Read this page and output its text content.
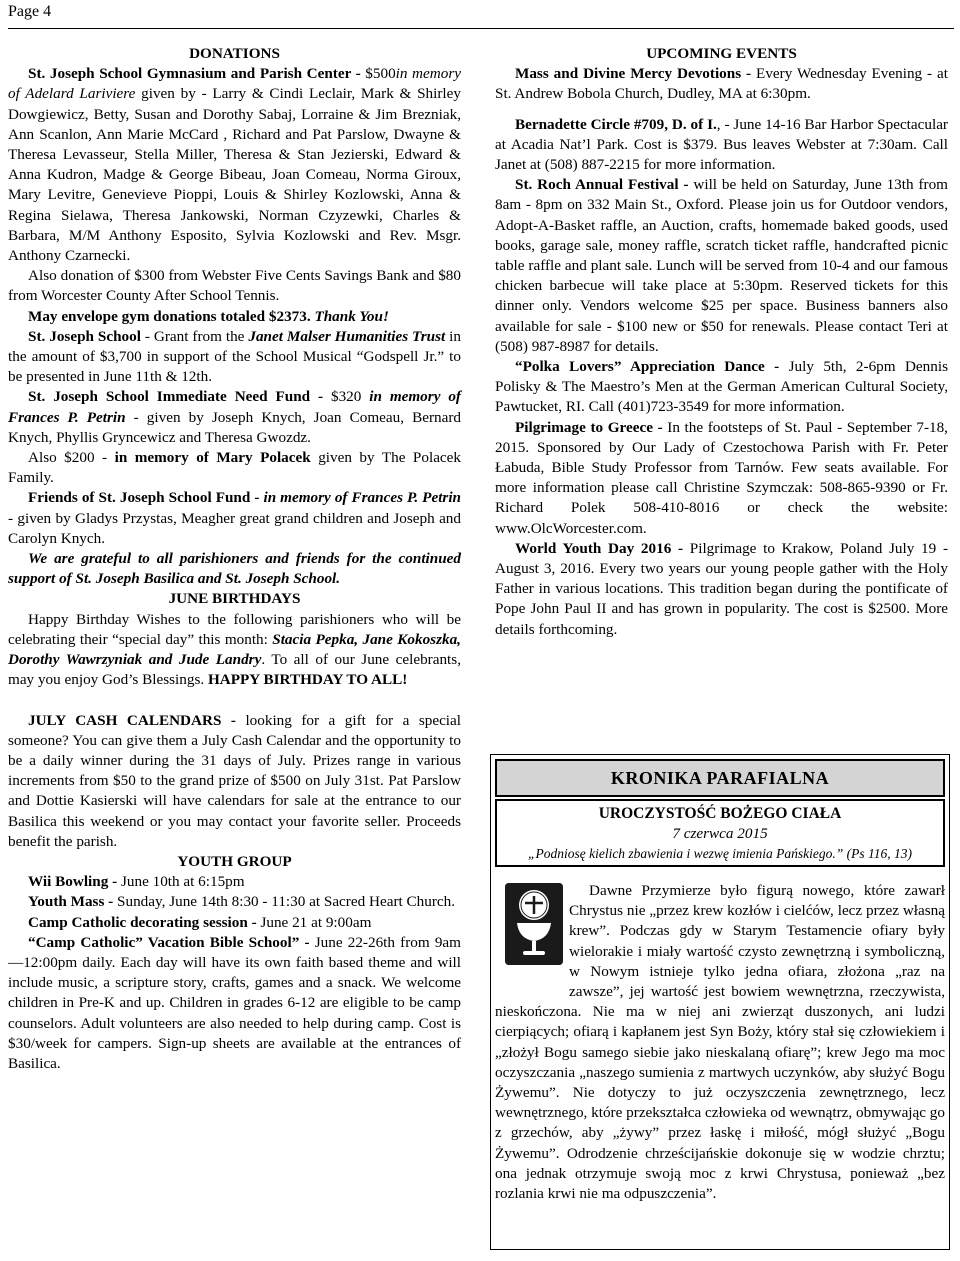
Page 4

DONATIONS

St. Joseph School Gymnasium and Parish Center - $500in memory of Adelard Lariviere given by - Larry & Cindi Leclair, Mark & Shirley Dowgiewicz, Betty, Susan and Dorothy Sabaj, Lorraine & Jim Brezniak, Ann Scanlon, Ann Marie McCard , Richard and Pat Parslow, Dwayne & Theresa Levasseur, Stella Miller, Theresa & Stan Jezierski, Edward & Anna Kudron, Madge & George Bibeau, Joan Comeau, Norma Giroux, Mary Levitre, Genevieve Pioppi, Louis & Shirley Kozlowski, Anna & Regina Sielawa, Theresa Jankowski, Norman Czyzewki, Charles & Barbara, M/M Anthony Esposito, Sylvia Kozlowski and Rev. Msgr. Anthony Czarnecki.

Also donation of $300 from Webster Five Cents Savings Bank and $80 from Worcester County After School Tennis.

May envelope gym donations totaled $2373. Thank You!

St. Joseph School - Grant from the Janet Malser Humanities Trust in the amount of $3,700 in support of the School Musical “Godspell Jr.” to be presented in June 11th & 12th.

St. Joseph School Immediate Need Fund - $320 in memory of Frances P. Petrin - given by Joseph Knych, Joan Comeau, Bernard Knych, Phyllis Gryncewicz and Theresa Gwozdz.

Also $200 - in memory of Mary Polacek given by The Polacek Family.

Friends of St. Joseph School Fund - in memory of Frances P. Petrin - given by Gladys Przystas, Meagher great grand children and Joseph and Carolyn Knych.

We are grateful to all parishioners and friends for the continued support of St. Joseph Basilica and St. Joseph School.

JUNE BIRTHDAYS

Happy Birthday Wishes to the following parishioners who will be celebrating their “special day” this month: Stacia Pepka, Jane Kokoszka, Dorothy Wawrzyniak and Jude Landry. To all of our June celebrants, may you enjoy God’s Blessings. HAPPY BIRTHDAY TO ALL!

JULY CASH CALENDARS - looking for a gift for a special someone? You can give them a July Cash Calendar and the opportunity to be a daily winner during the 31 days of July. Prizes range in various increments from $50 to the grand prize of $500 on July 31st. Pat Parslow and Dottie Kasierski will have calendars for sale at the entrance to our Basilica this weekend or you may contact your favorite seller. Proceeds benefit the parish.

YOUTH GROUP

Wii Bowling - June 10th at 6:15pm

Youth Mass - Sunday, June 14th 8:30 - 11:30 at Sacred Heart Church.

Camp Catholic decorating session - June 21 at 9:00am

“Camp Catholic” Vacation Bible School” - June 22-26th from 9am—12:00pm daily. Each day will have its own faith based theme and will include music, a scripture story, crafts, games and a snack. We welcome children in Pre-K and up. Children in grades 6-12 are eligible to be camp counselors. Adult volunteers are also needed to help during camp. Cost is $30/week for campers. Sign-up sheets are available at the entrances of Basilica.

UPCOMING EVENTS

Mass and Divine Mercy Devotions - Every Wednesday Evening - at St. Andrew Bobola Church, Dudley, MA at 6:30pm.

Bernadette Circle #709, D. of I., - June 14-16 Bar Harbor Spectacular at Acadia Nat’l Park. Cost is $379. Bus leaves Webster at 7:30am. Call Janet at (508) 887-2215 for more information.

St. Roch Annual Festival - will be held on Saturday, June 13th from 8am - 8pm on 332 Main St., Oxford. Please join us for Outdoor vendors, Adopt-A-Basket raffle, an Auction, crafts, homemade baked goods, used books, garage sale, money raffle, scratch ticket raffle, handcrafted picnic table raffle and plant sale. Lunch will be served from 10-4 and our famous chicken barbecue will take place at 5:30pm. Reserved tickets for this dinner only. Vendors welcome $25 per space. Business banners also available for sale - $100 new or $50 for renewals. Please contact Teri at (508) 987-8987 for details.

“Polka Lovers” Appreciation Dance - July 5th, 2-6pm Dennis Polisky & The Maestro’s Men at the German American Cultural Society, Pawtucket, RI. Call (401)723-3549 for more information.

Pilgrimage to Greece - In the footsteps of St. Paul - September 7-18, 2015. Sponsored by Our Lady of Czestochowa Parish with Fr. Peter Łabuda, Bible Study Professor from Tarnów. Few seats available. For more information please call Christine Szymczak: 508-865-9390 or Fr. Richard Polek 508-410-8016 or check the website: www.OlcWorcester.com.

World Youth Day 2016 - Pilgrimage to Krakow, Poland July 19 - August 3, 2016. Every two years our young people gather with the Holy Father in various locations. This tradition began during the pontificate of Pope John Paul II and has grown in popularity. The cost is $2500. More details forthcoming.

KRONIKA PARAFIALNA
UROCZYSTOŚĆ BOŻEGO CIAŁA
7 czerwca 2015
„Podniosę kielich zbawienia i wezwę imienia Pańskiego.” (Ps 116, 13)

Dawne Przymierze było figurą nowego, które zawarł Chrystus nie „przez krew kozłów i cielćów, lecz przez własną krew”. Podczas gdy w Starym Testamencie ofiary były wielorakie i miały wartość czysto zewnętrzną i symboliczną, w Nowym istnieje tylko jedna ofiara, złożona „raz na zawsze”, jej wartość jest bowiem wewnętrzna, rzeczywista, nieskończona. Nie ma w niej ani zwierząt duszonych, ani ludzi cierpiących; ofiarą i kapłanem jest Syn Boży, który stał się człowiekiem i „złożył Bogu samego siebie jako nieskalaną ofiarę”; krew Jego ma moc oczyszczania „naszego sumienia z martwych uczynków, aby służyć Bogu Żywemu”. Nie dotyczy to już oczyszczenia zewnętrznego, lecz wewnętrznego, które przekształca człowieka od wewnątrz, obmywając go z grzechów, aby „żywy” przez łaskę i miłość, mógł służyć „Bogu Żywemu”. Odrodzenie chrześcijańskie dokonuje się w wodzie chrztu; ona jednak otrzymuje swoją moc z krwi Chrystusa, ponieważ „bez rozlania krwi nie ma odpuszczenia”.
